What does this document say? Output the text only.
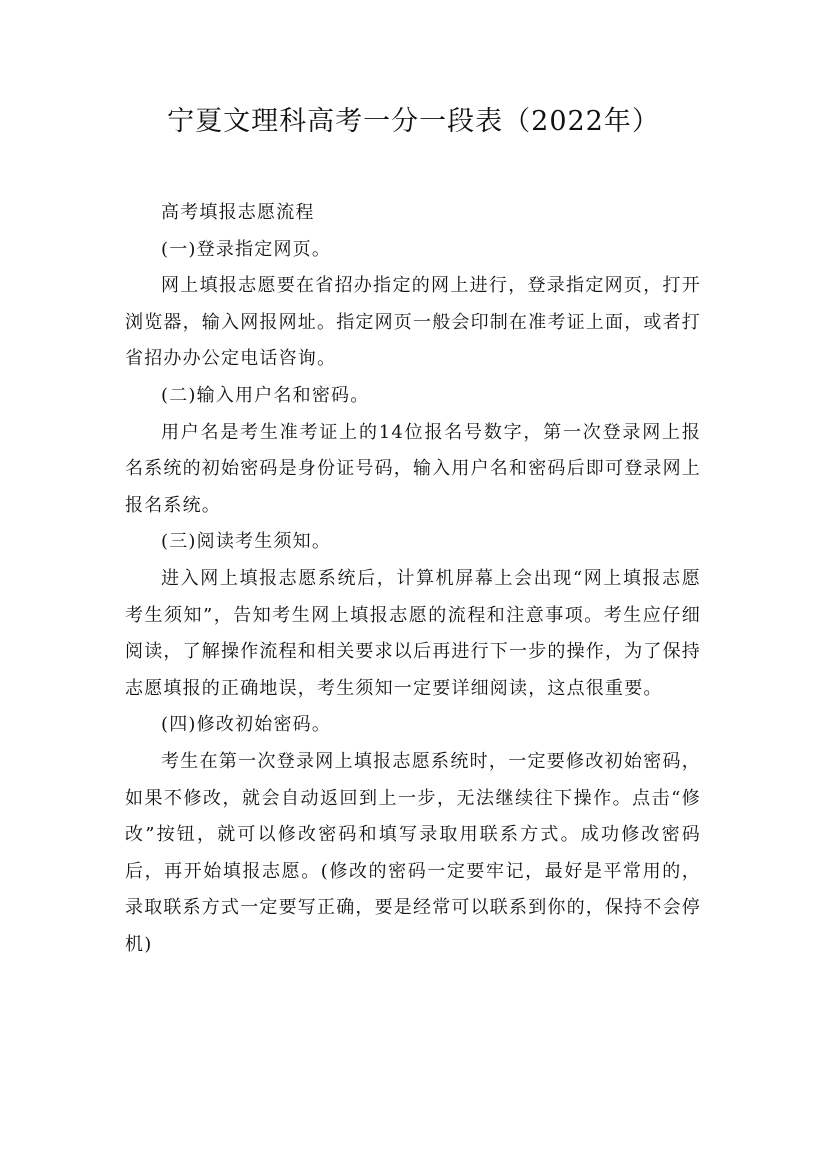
宁夏文理科高考一分一段表（2022年）

高考填报志愿流程

(一)登录指定网页。

网上填报志愿要在省招办指定的网上进行，登录指定网页，打开浏览器，输入网报网址。指定网页一般会印制在准考证上面，或者打省招办办公定电话咨询。

(二)输入用户名和密码。

用户名是考生准考证上的14位报名号数字，第一次登录网上报名系统的初始密码是身份证号码，输入用户名和密码后即可登录网上报名系统。

(三)阅读考生须知。

进入网上填报志愿系统后，计算机屏幕上会出现“网上填报志愿考生须知”，告知考生网上填报志愿的流程和注意事项。考生应仔细阅读，了解操作流程和相关要求以后再进行下一步的操作，为了保持志愿填报的正确地误，考生须知一定要详细阅读，这点很重要。

(四)修改初始密码。

考生在第一次登录网上填报志愿系统时，一定要修改初始密码，如果不修改，就会自动返回到上一步，无法继续往下操作。点击“修改”按钮，就可以修改密码和填写录取用联系方式。成功修改密码后，再开始填报志愿。(修改的密码一定要牢记，最好是平常用的，录取联系方式一定要写正确，要是经常可以联系到你的，保持不会停机)
